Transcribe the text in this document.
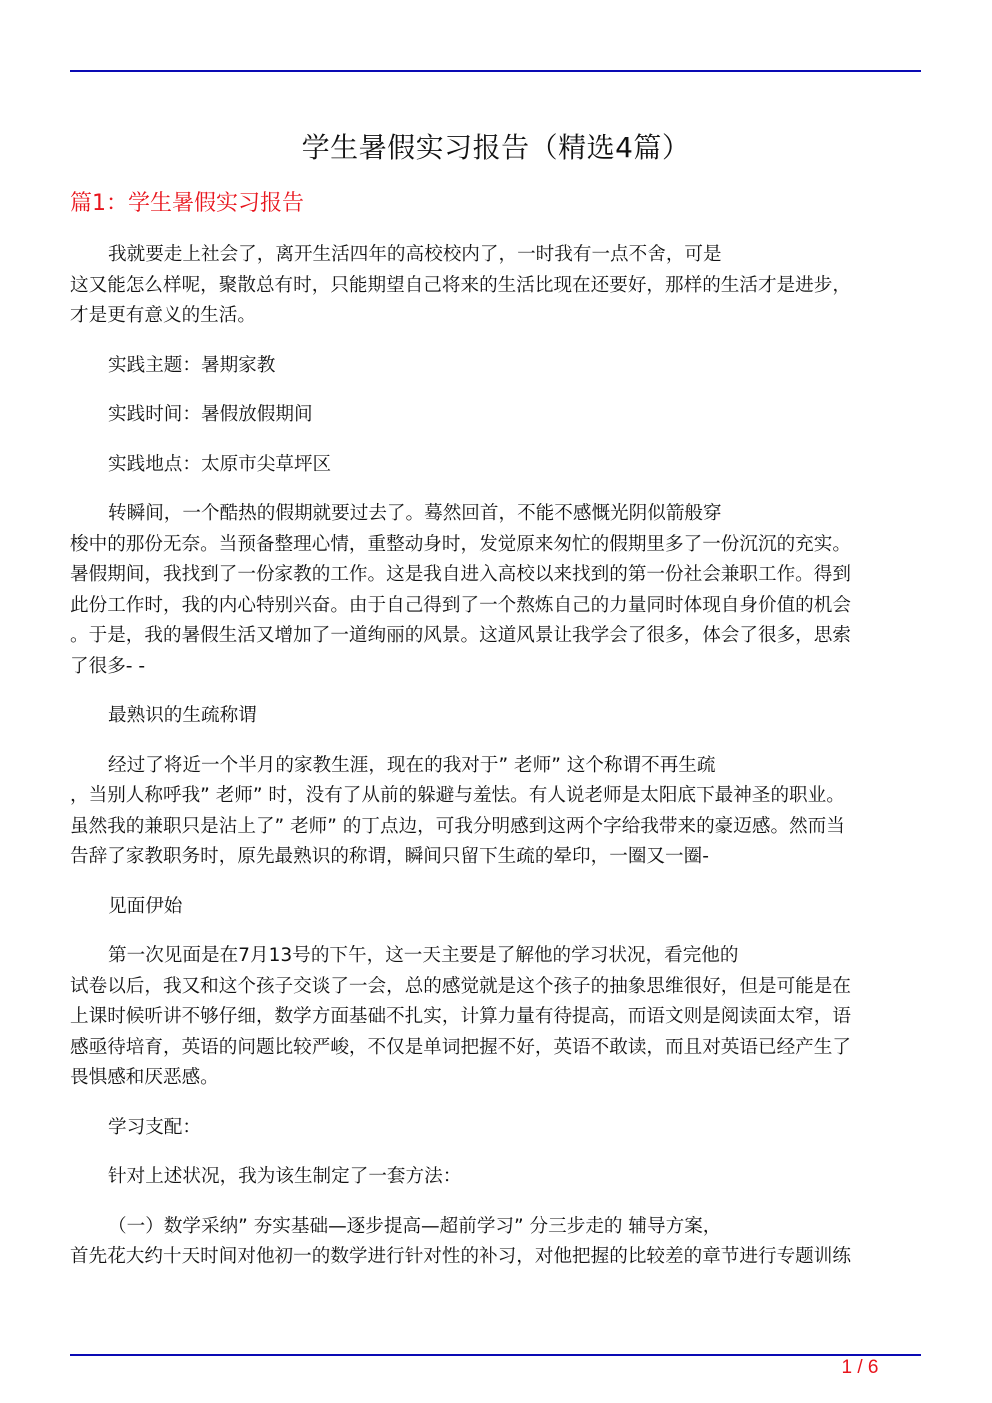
学生暑假实习报告（精选4篇）
篇1：学生暑假实习报告

我就要走上社会了，离开生活四年的高校校内了，一时我有一点不舍，可是
这又能怎么样呢，聚散总有时，只能期望自己将来的生活比现在还要好，那样的生活才是进步，
才是更有意义的生活。

实践主题：暑期家教

实践时间：暑假放假期间

实践地点：太原市尖草坪区

转瞬间，一个酷热的假期就要过去了。蓦然回首，不能不感慨光阴似箭般穿
梭中的那份无奈。当预备整理心情，重整动身时，发觉原来匆忙的假期里多了一份沉沉的充实。
暑假期间，我找到了一份家教的工作。这是我自进入高校以来找到的第一份社会兼职工作。得到
此份工作时，我的内心特别兴奋。由于自己得到了一个熬炼自己的力量同时体现自身价值的机会
。于是，我的暑假生活又增加了一道绚丽的风景。这道风景让我学会了很多，体会了很多，思索
了很多- -

最熟识的生疏称谓

经过了将近一个半月的家教生涯，现在的我对于” 老师” 这个称谓不再生疏
，当别人称呼我” 老师” 时，没有了从前的躲避与羞怯。有人说老师是太阳底下最神圣的职业。
虽然我的兼职只是沾上了” 老师” 的丁点边，可我分明感到这两个字给我带来的豪迈感。然而当
告辞了家教职务时，原先最熟识的称谓，瞬间只留下生疏的晕印，一圈又一圈-

见面伊始

第一次见面是在7月13号的下午，这一天主要是了解他的学习状况，看完他的
试卷以后，我又和这个孩子交谈了一会，总的感觉就是这个孩子的抽象思维很好，但是可能是在
上课时候听讲不够仔细，数学方面基础不扎实，计算力量有待提高，而语文则是阅读面太窄，语
感亟待培育，英语的问题比较严峻，不仅是单词把握不好，英语不敢读，而且对英语已经产生了
畏惧感和厌恶感。

学习支配：

针对上述状况，我为该生制定了一套方法：

（一）数学采纳” 夯实基础—逐步提高—超前学习” 分三步走的 辅导方案，
首先花大约十天时间对他初一的数学进行针对性的补习，对他把握的比较差的章节进行专题训练

1 / 6
